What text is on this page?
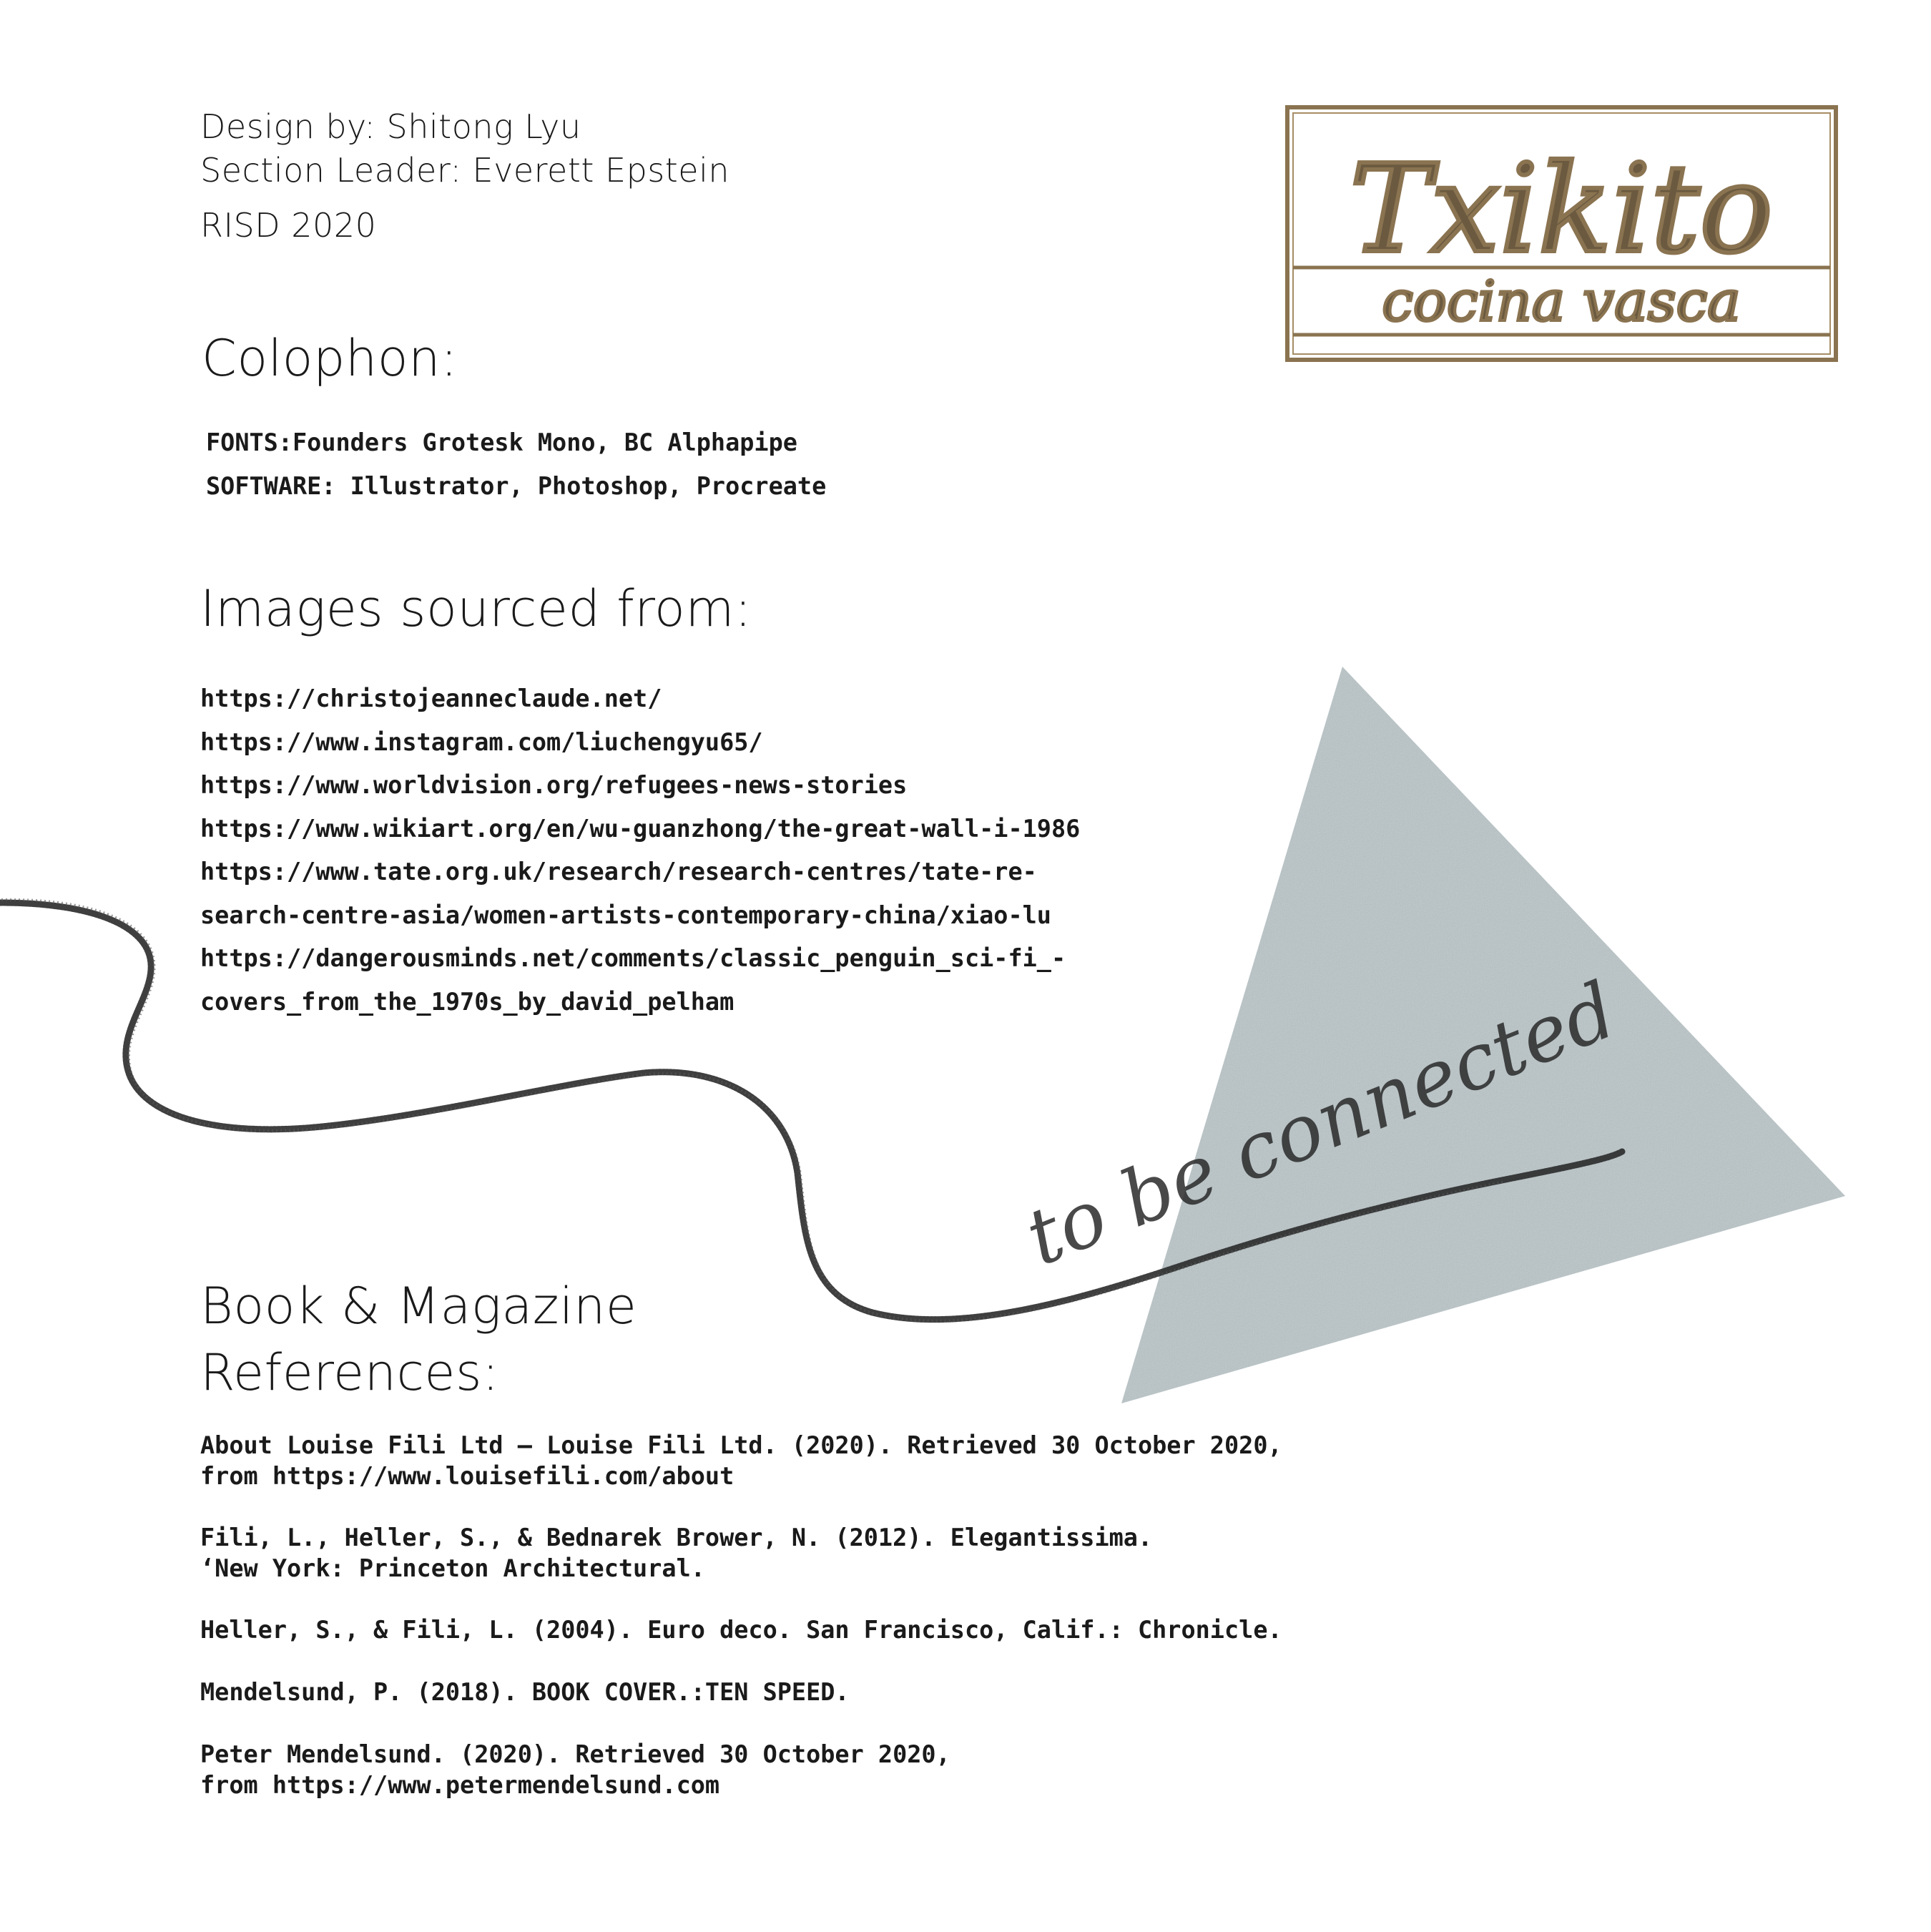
to be connected
Design by: Shitong Lyu
Section Leader: Everett Epstein
RISD 2020	Txikito
cocina vasca
Colophon:
FONTS:Founders Grotesk Mono, BC Alphapipe
SOFTWARE: Illustrator, Photoshop, Procreate
Images sourced from:
https://christojeanneclaude.net/
https://www.instagram.com/liuchengyu65/
https://www.worldvision.org/refugees-news-stories
https://www.wikiart.org/en/wu-guanzhong/the-great-wall-i-1986
https://www.tate.org.uk/research/research-centres/tate-re-
search-centre-asia/women-artists-contemporary-china/xiao-lu
https://dangerousminds.net/comments/classic_penguin_sci-fi_-
covers_from_the_1970s_by_david_pelham
Book & Magazine
References:
About Louise Fili Ltd — Louise Fili Ltd. (2020). Retrieved 30 October 2020,
from https://www.louisefili.com/about
Fili, L., Heller, S., & Bednarek Brower, N. (2012). Elegantissima.
‘New York: Princeton Architectural.
Heller, S., & Fili, L. (2004). Euro deco. San Francisco, Calif.: Chronicle.
Mendelsund, P. (2018). BOOK COVER.:TEN SPEED.
Peter Mendelsund. (2020). Retrieved 30 October 2020,
from https://www.petermendelsund.com
